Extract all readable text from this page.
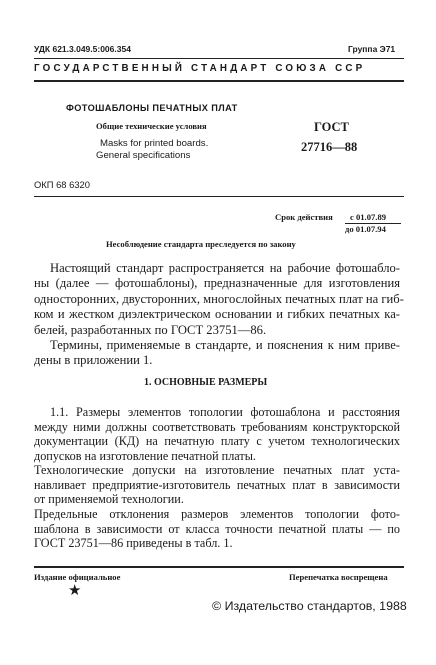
УДК 621.3.049.5:006.354	Группа Э71
ГОСУДАРСТВЕННЫЙ СТАНДАРТ СОЮЗА ССР
ФОТОШАБЛОНЫ ПЕЧАТНЫХ ПЛАТ
Общие технические условия
Masks for printed boards.
General specifications
ГОСТ
27716—88
ОКП 68 6320
Срок действия с 01.07.89
до 01.07.94
Несоблюдение стандарта преследуется по закону
Настоящий стандарт распространяется на рабочие фотошабло-
ны (далее — фотошаблоны), предназначенные для изготовления
односторонних, двусторонних, многослойных печатных плат на гиб-
ком и жестком диэлектрическом основании и гибких печатных ка-
белей, разработанных по ГОСТ 23751—86.
Термины, применяемые в стандарте, и пояснения к ним приве-
дены в приложении 1.
1. ОСНОВНЫЕ РАЗМЕРЫ
1.1. Размеры элементов топологии фотошаблона и расстояния
между ними должны соответствовать требованиям конструкторской
документации (КД) на печатную плату с учетом технологических
допусков на изготовление печатной платы.
Технологические допуски на изготовление печатных плат уста-
навливает предприятие-изготовитель печатных плат в зависимости
от применяемой технологии.
Предельные отклонения размеров элементов топологии фото-
шаблона в зависимости от класса точности печатной платы — по
ГОСТ 23751—86 приведены в табл. 1.
Издание официальное	Перепечатка воспрещена
★
© Издательство стандартов, 1988
